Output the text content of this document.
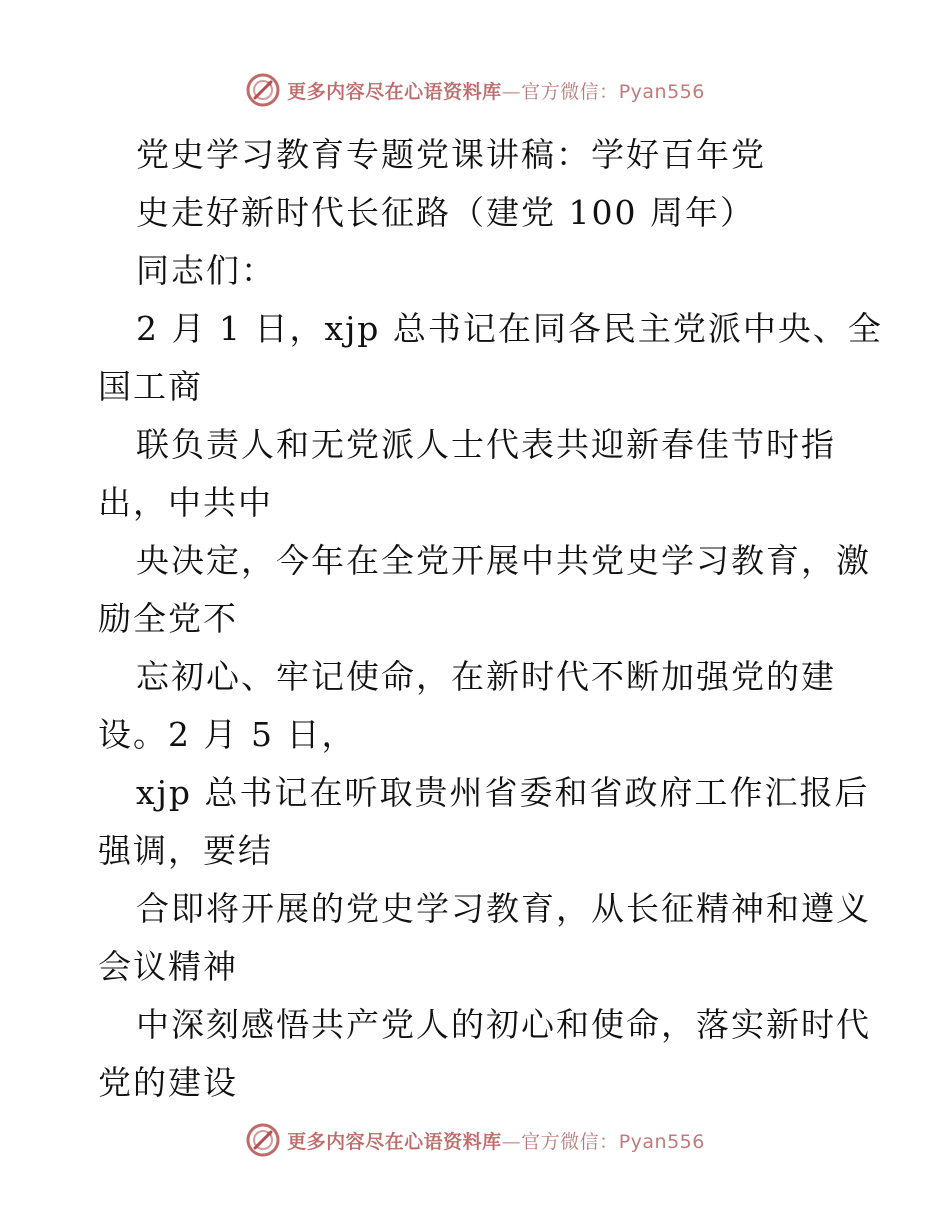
更多内容尽在心语资料库—官方微信：Pyan556
党史学习教育专题党课讲稿：学好百年党
史走好新时代长征路（建党 100 周年）
同志们：
2 月 1 日，xjp 总书记在同各民主党派中央、全
国工商
联负责人和无党派人士代表共迎新春佳节时指
出，中共中
央决定，今年在全党开展中共党史学习教育，激
励全党不
忘初心、牢记使命，在新时代不断加强党的建
设。2 月 5 日，
xjp 总书记在听取贵州省委和省政府工作汇报后
强调，要结
合即将开展的党史学习教育，从长征精神和遵义
会议精神
中深刻感悟共产党人的初心和使命，落实新时代
党的建设
更多内容尽在心语资料库—官方微信：Pyan556
